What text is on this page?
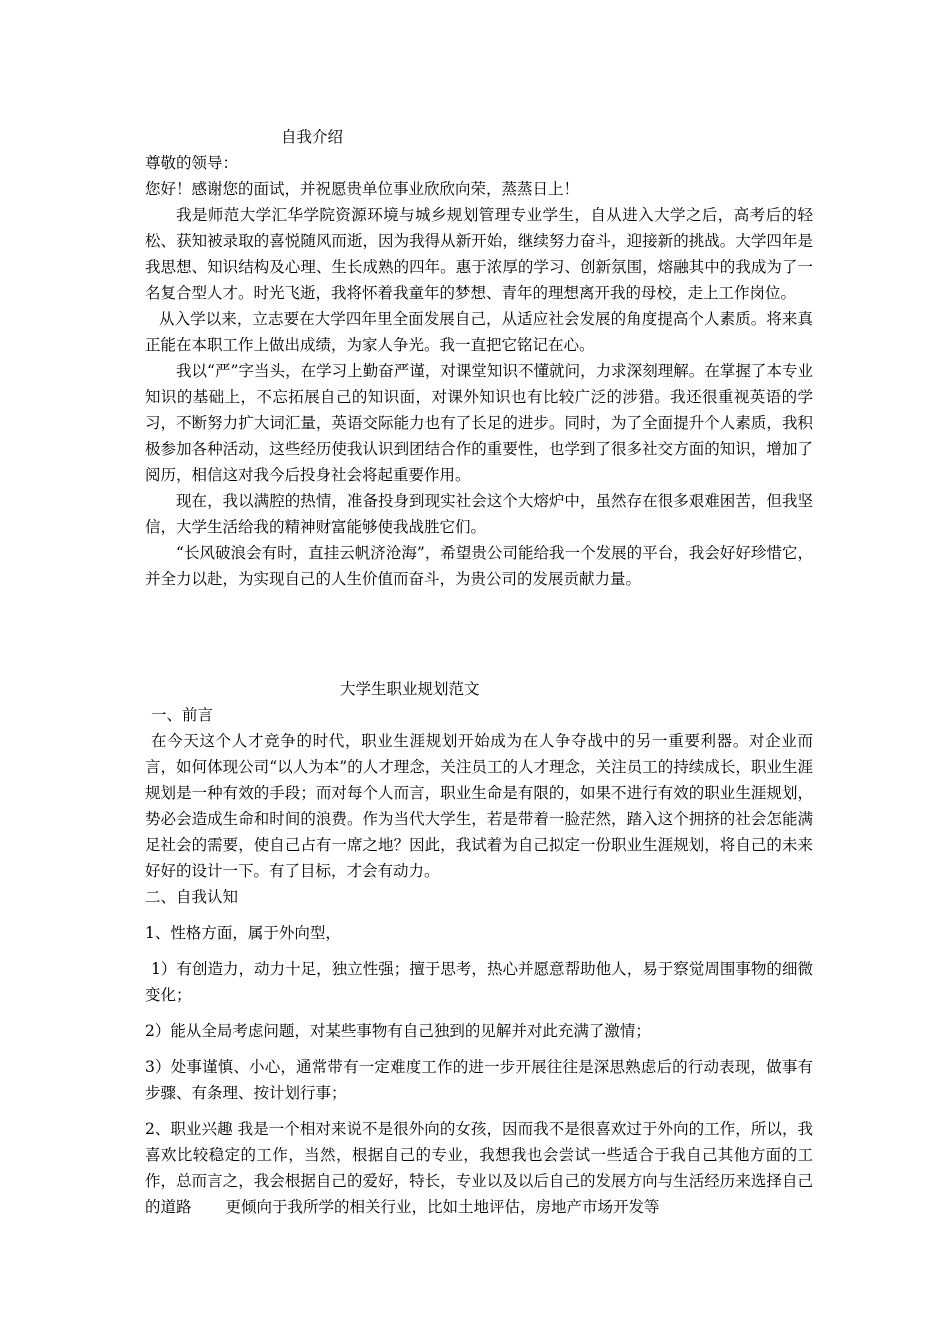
自我介绍

尊敬的领导：

您好！感谢您的面试，并祝愿贵单位事业欣欣向荣，蒸蒸日上！

我是师范大学汇华学院资源环境与城乡规划管理专业学生，自从进入大学之后，高考后的轻松、获知被录取的喜悦随风而逝，因为我得从新开始，继续努力奋斗，迎接新的挑战。大学四年是我思想、知识结构及心理、生长成熟的四年。惠于浓厚的学习、创新氛围，熔融其中的我成为了一名复合型人才。时光飞逝，我将怀着我童年的梦想、青年的理想离开我的母校，走上工作岗位。

从入学以来，立志要在大学四年里全面发展自己，从适应社会发展的角度提高个人素质。将来真正能在本职工作上做出成绩，为家人争光。我一直把它铭记在心。

我以“严”字当头，在学习上勤奋严谨，对课堂知识不懂就问，力求深刻理解。在掌握了本专业知识的基础上，不忘拓展自己的知识面，对课外知识也有比较广泛的涉猎。我还很重视英语的学习，不断努力扩大词汇量，英语交际能力也有了长足的进步。同时，为了全面提升个人素质，我积极参加各种活动，这些经历使我认识到团结合作的重要性，也学到了很多社交方面的知识，增加了阅历，相信这对我今后投身社会将起重要作用。

现在，我以满腔的热情，准备投身到现实社会这个大熔炉中，虽然存在很多艰难困苦，但我坚信，大学生活给我的精神财富能够使我战胜它们。

“长风破浪会有时，直挂云帆济沧海”，希望贵公司能给我一个发展的平台，我会好好珍惜它，并全力以赴，为实现自己的人生价值而奋斗，为贵公司的发展贡献力量。

大学生职业规划范文

一、前言

在今天这个人才竞争的时代，职业生涯规划开始成为在人争夺战中的另一重要利器。对企业而言，如何体现公司“以人为本”的人才理念，关注员工的人才理念，关注员工的持续成长，职业生涯规划是一种有效的手段；而对每个人而言，职业生命是有限的，如果不进行有效的职业生涯规划，势必会造成生命和时间的浪费。作为当代大学生，若是带着一脸茫然，踏入这个拥挤的社会怎能满足社会的需要，使自己占有一席之地？因此，我试着为自己拟定一份职业生涯规划，将自己的未来好好的设计一下。有了目标，才会有动力。

二、自我认知

1、性格方面，属于外向型，

1）有创造力，动力十足，独立性强；擅于思考，热心并愿意帮助他人，易于察觉周围事物的细微变化；

2）能从全局考虑问题，对某些事物有自己独到的见解并对此充满了激情；

3）处事谨慎、小心，通常带有一定难度工作的进一步开展往往是深思熟虑后的行动表现，做事有步骤、有条理、按计划行事；

2、职业兴趣 我是一个相对来说不是很外向的女孩，因而我不是很喜欢过于外向的工作，所以，我喜欢比较稳定的工作，当然，根据自己的专业，我想我也会尝试一些适合于我自己其他方面的工作，总而言之，我会根据自己的爱好，特长，专业以及以后自己的发展方向与生活经历来选择自己的道路 更倾向于我所学的相关行业，比如土地评估，房地产市场开发等
